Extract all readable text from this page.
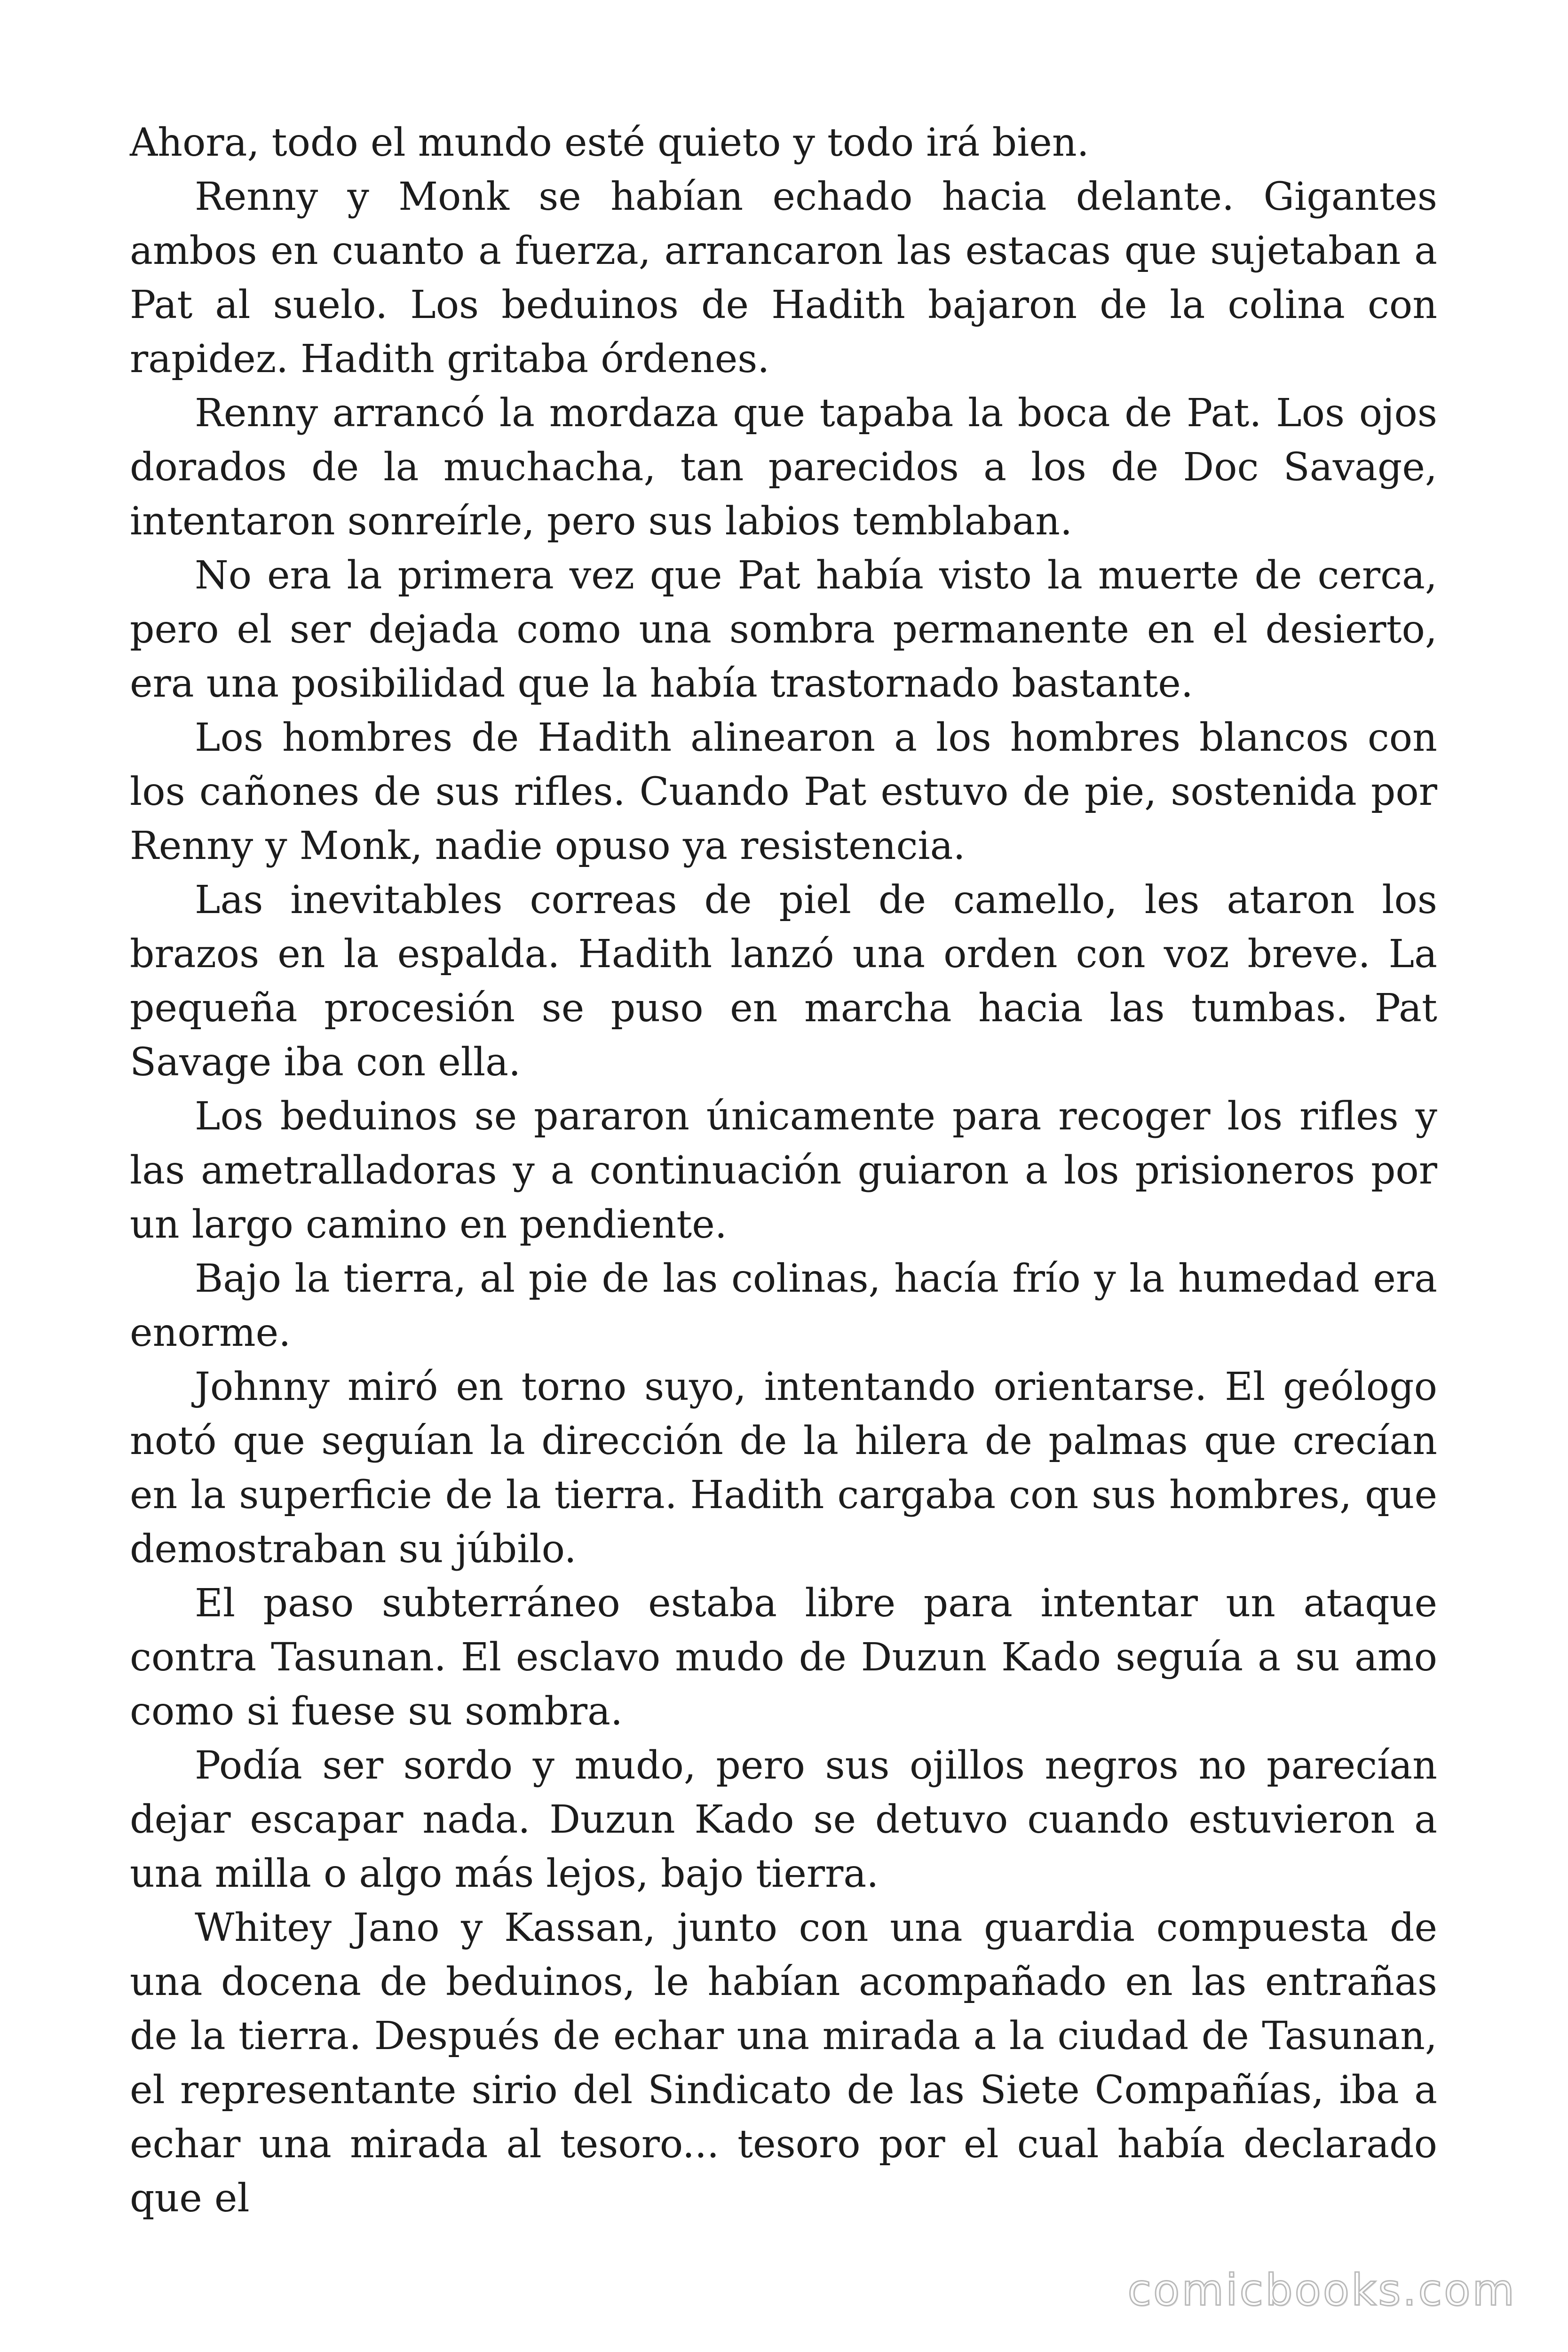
Ahora, todo el mundo esté quieto y todo irá bien.

Renny y Monk se habían echado hacia delante. Gigantes ambos en cuanto a fuerza, arrancaron las estacas que sujetaban a Pat al suelo. Los beduinos de Hadith bajaron de la colina con rapidez. Hadith gritaba órdenes.

Renny arrancó la mordaza que tapaba la boca de Pat. Los ojos dorados de la muchacha, tan parecidos a los de Doc Savage, intentaron sonreírle, pero sus labios temblaban.

No era la primera vez que Pat había visto la muerte de cerca, pero el ser dejada como una sombra permanente en el desierto, era una posibilidad que la había trastornado bastante.

Los hombres de Hadith alinearon a los hombres blancos con los cañones de sus rifles. Cuando Pat estuvo de pie, sostenida por Renny y Monk, nadie opuso ya resistencia.

Las inevitables correas de piel de camello, les ataron los brazos en la espalda. Hadith lanzó una orden con voz breve. La pequeña procesión se puso en marcha hacia las tumbas. Pat Savage iba con ella.

Los beduinos se pararon únicamente para recoger los rifles y las ametralladoras y a continuación guiaron a los prisioneros por un largo camino en pendiente.

Bajo la tierra, al pie de las colinas, hacía frío y la humedad era enorme.

Johnny miró en torno suyo, intentando orientarse. El geólogo notó que seguían la dirección de la hilera de palmas que crecían en la superficie de la tierra. Hadith cargaba con sus hombres, que demostraban su júbilo.

El paso subterráneo estaba libre para intentar un ataque contra Tasunan. El esclavo mudo de Duzun Kado seguía a su amo como si fuese su sombra.

Podía ser sordo y mudo, pero sus ojillos negros no parecían dejar escapar nada. Duzun Kado se detuvo cuando estuvieron a una milla o algo más lejos, bajo tierra.

Whitey Jano y Kassan, junto con una guardia compuesta de una docena de beduinos, le habían acompañado en las entrañas de la tierra. Después de echar una mirada a la ciudad de Tasunan, el representante sirio del Sindicato de las Siete Compañías, iba a echar una mirada al tesoro... tesoro por el cual había declarado que el

comicbooks.com
